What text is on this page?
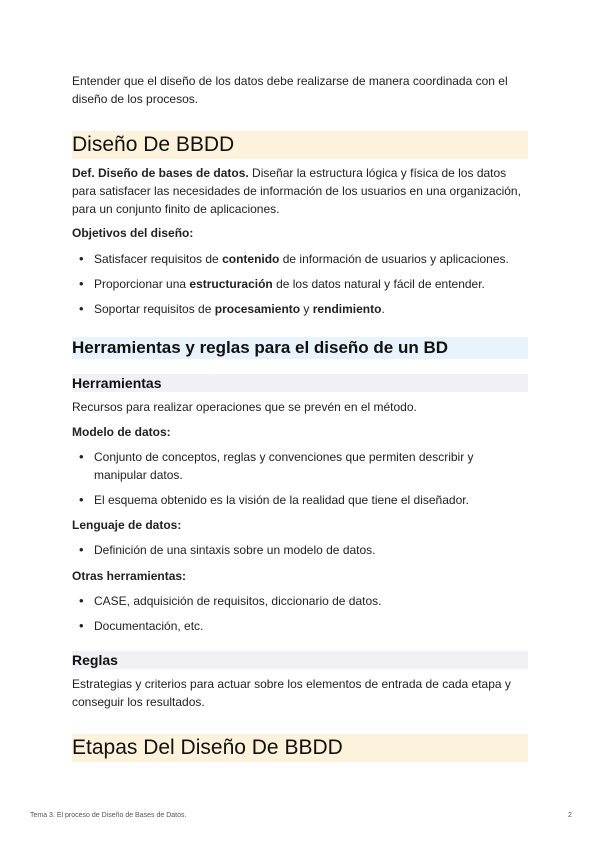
Entender que el diseño de los datos debe realizarse de manera coordinada con el diseño de los procesos.
Diseño De BBDD
Def. Diseño de bases de datos. Diseñar la estructura lógica y física de los datos para satisfacer las necesidades de información de los usuarios en una organización, para un conjunto finito de aplicaciones.
Objetivos del diseño:
• Satisfacer requisitos de contenido de información de usuarios y aplicaciones.
• Proporcionar una estructuración de los datos natural y fácil de entender.
• Soportar requisitos de procesamiento y rendimiento.
Herramientas y reglas para el diseño de un BD
Herramientas
Recursos para realizar operaciones que se prevén en el método.
Modelo de datos:
• Conjunto de conceptos, reglas y convenciones que permiten describir y manipular datos.
• El esquema obtenido es la visión de la realidad que tiene el diseñador.
Lenguaje de datos:
• Definición de una sintaxis sobre un modelo de datos.
Otras herramientas:
• CASE, adquisición de requisitos, diccionario de datos.
• Documentación, etc.
Reglas
Estrategias y criterios para actuar sobre los elementos de entrada de cada etapa y conseguir los resultados.
Etapas Del Diseño De BBDD
Tema 3. El proceso de Diseño de Bases de Datos.	2
